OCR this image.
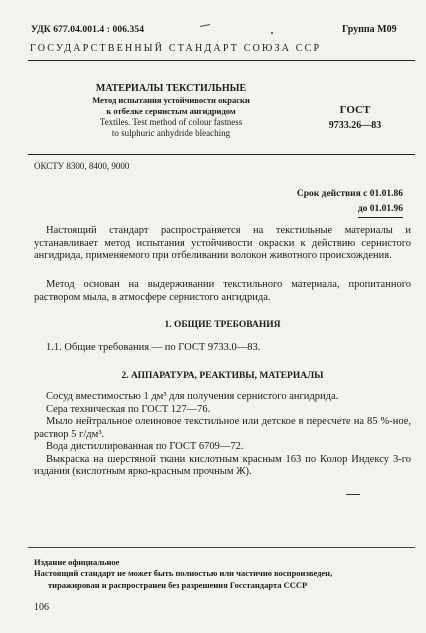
УДК 677.04.001.4 : 006.354	Группа М09
ГОСУДАРСТВЕННЫЙ СТАНДАРТ СОЮЗА ССР
МАТЕРИАЛЫ ТЕКСТИЛЬНЫЕ
Метод испытания устойчивости окраски
к отбелке сернистым ангидридом
Textiles. Test method of colour fastness
to sulphuric anhydride bleaching
ГОСТ
9733.26—83
ОКСТУ 8300, 8400, 9000
Срок действия с 01.01.86
до 01.01.96
Настоящий стандарт распространяется на текстильные материалы и устанавливает метод испытания устойчивости окраски к действию сернистого ангидрида, применяемого при отбеливании волокон животного происхождения.
Метод основан на выдерживании текстильного материала, пропитанного раствором мыла, в атмосфере сернистого ангидрида.
1. ОБЩИЕ ТРЕБОВАНИЯ
1.1. Общие требования — по ГОСТ 9733.0—83.
2. АППАРАТУРА, РЕАКТИВЫ, МАТЕРИАЛЫ
Сосуд вместимостью 1 дм³ для получения сернистого ангидрида.
Сера техническая по ГОСТ 127—76.
Мыло нейтральное олеиновое текстильное или детское в пересчете на 85 %-ное, раствор 5 г/дм³.
Вода дистиллированная по ГОСТ 6709—72.
Выкраска на шерстяной ткани кислотным красным 163 по Колор Индексу 3-го издания (кислотным ярко-красным прочным Ж).
Издание официальное
Настоящий стандарт не может быть полностью или частично воспроизведен,
тиражирован и распространен без разрешения Госстандарта СССР
106
